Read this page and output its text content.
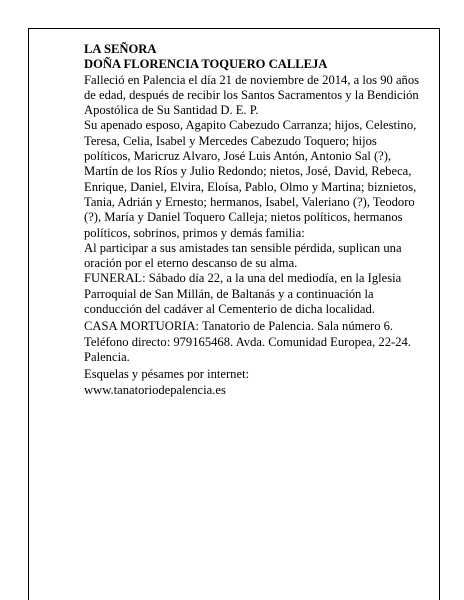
LA SEÑORA
DOÑA FLORENCIA TOQUERO CALLEJA

Falleció en Palencia el día 21 de noviembre de 2014, a los 90 años de edad, después de recibir los Santos Sacramentos y la Bendición Apostólica de Su Santidad D. E. P.

Su apenado esposo, Agapito Cabezudo Carranza; hijos, Celestino, Teresa, Celia, Isabel y Mercedes Cabezudo Toquero; hijos políticos, Maricruz Alvaro, José Luis Antón, Antonio Sal (?), Martín de los Ríos y Julio Redondo; nietos, José, David, Rebeca, Enrique, Daniel, Elvira, Eloísa, Pablo, Olmo y Martina; biznietos, Tania, Adrián y Ernesto; hermanos, Isabel, Valeriano (?), Teodoro (?), María y Daniel Toquero Calleja; nietos políticos, hermanos políticos, sobrinos, primos y demás familia:

Al participar a sus amistades tan sensible pérdida, suplican una oración por el eterno descanso de su alma.

FUNERAL: Sábado día 22, a la una del mediodía, en la Iglesia Parroquial de San Millán, de Baltanás y a continuación la conducción del cadáver al Cementerio de dicha localidad.

CASA MORTUORIA: Tanatorio de Palencia. Sala número 6. Teléfono directo: 979165468. Avda. Comunidad Europea, 22-24. Palencia.

Esquelas y pésames por internet:

www.tanatoriodepalencia.es
